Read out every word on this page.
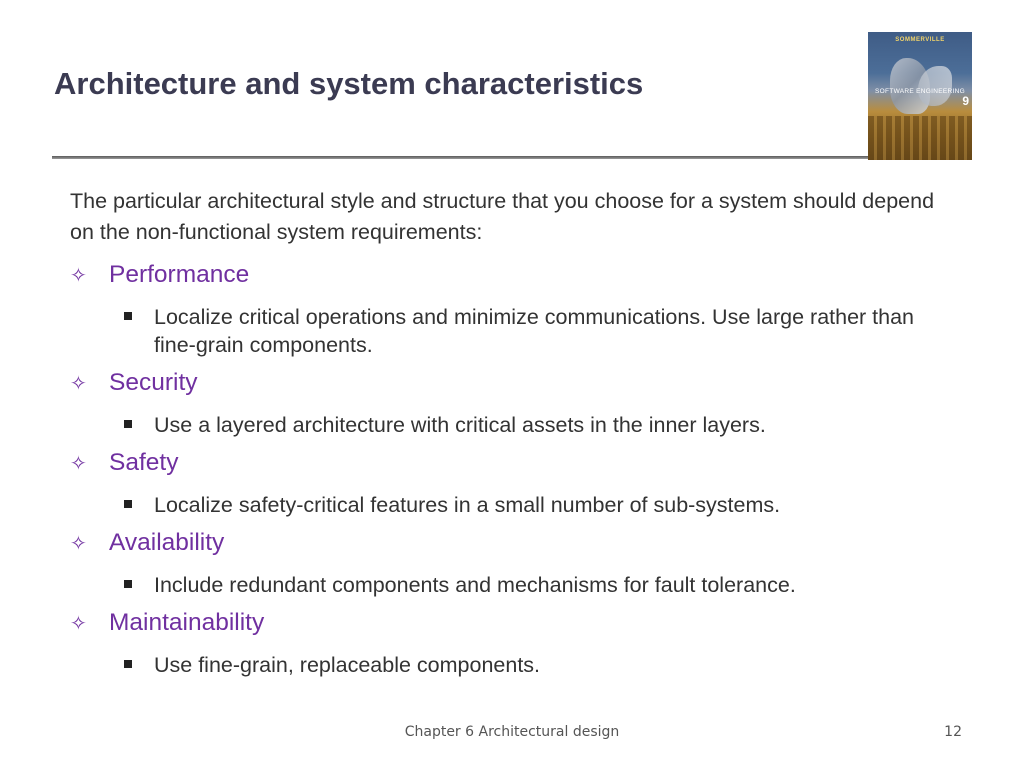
Architecture and system characteristics
SOMMERVILLE
SOFTWARE ENGINEERING
9
The particular architectural style and structure that you choose for a system should depend on the non-functional system requirements:
✧ Performance
Localize critical operations and minimize communications. Use large rather than fine-grain components.
✧ Security
Use a layered architecture with critical assets in the inner layers.
✧ Safety
Localize safety-critical features in a small number of sub-systems.
✧ Availability
Include redundant components and mechanisms for fault tolerance.
✧ Maintainability
Use fine-grain, replaceable components.
Chapter 6 Architectural design	12
